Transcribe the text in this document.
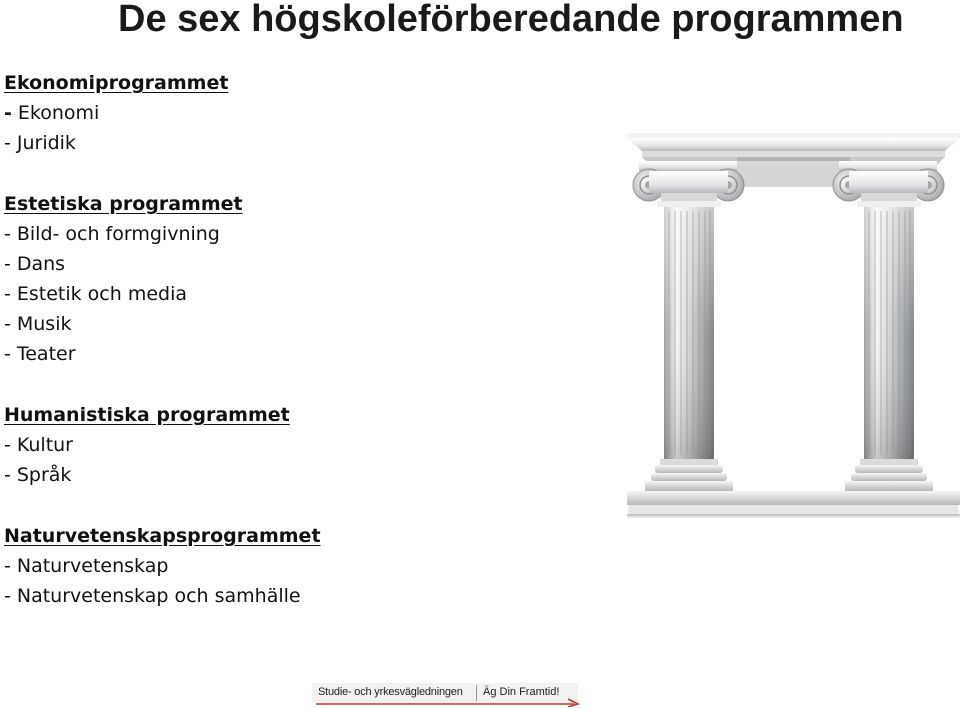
De sex högskoleförberedande programmen
Ekonomiprogrammet
- Ekonomi
- Juridik
Estetiska programmet
- Bild- och formgivning
- Dans
- Estetik och media
- Musik
- Teater
Humanistiska programmet
- Kultur
- Språk
Naturvetenskapsprogrammet
- Naturvetenskap
- Naturvetenskap och samhälle
Studie- och yrkesvägledningen Äg Din Framtid!
